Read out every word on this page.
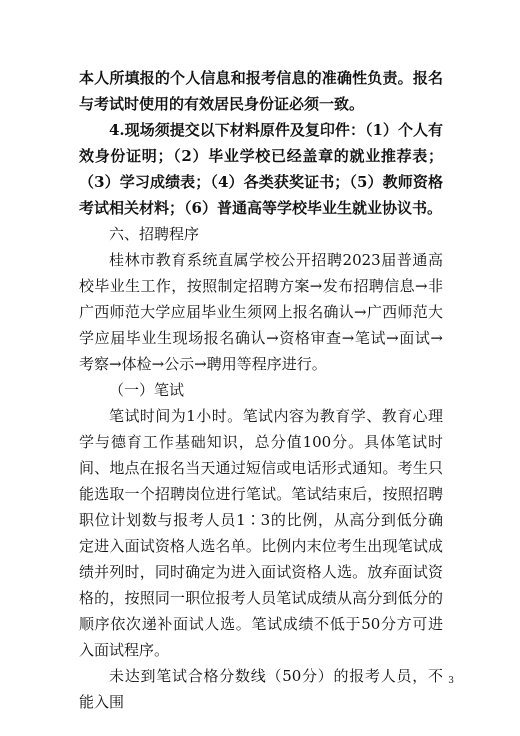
本人所填报的个人信息和报考信息的准确性负责。报名与考试时使用的有效居民身份证必须一致。

4.现场须提交以下材料原件及复印件：（1）个人有效身份证明；（2）毕业学校已经盖章的就业推荐表；（3）学习成绩表；（4）各类获奖证书；（5）教师资格考试相关材料；（6）普通高等学校毕业生就业协议书。

六、招聘程序

桂林市教育系统直属学校公开招聘2023届普通高校毕业生工作，按照制定招聘方案→发布招聘信息→非广西师范大学应届毕业生须网上报名确认→广西师范大学应届毕业生现场报名确认→资格审查→笔试→面试→考察→体检→公示→聘用等程序进行。

（一）笔试

笔试时间为1小时。笔试内容为教育学、教育心理学与德育工作基础知识，总分值100分。具体笔试时间、地点在报名当天通过短信或电话形式通知。考生只能选取一个招聘岗位进行笔试。笔试结束后，按照招聘职位计划数与报考人员1∶3的比例，从高分到低分确定进入面试资格人选名单。比例内末位考生出现笔试成绩并列时，同时确定为进入面试资格人选。放弃面试资格的，按照同一职位报考人员笔试成绩从高分到低分的顺序依次递补面试人选。笔试成绩不低于50分方可进入面试程序。

未达到笔试合格分数线（50分）的报考人员，不能入围

3
